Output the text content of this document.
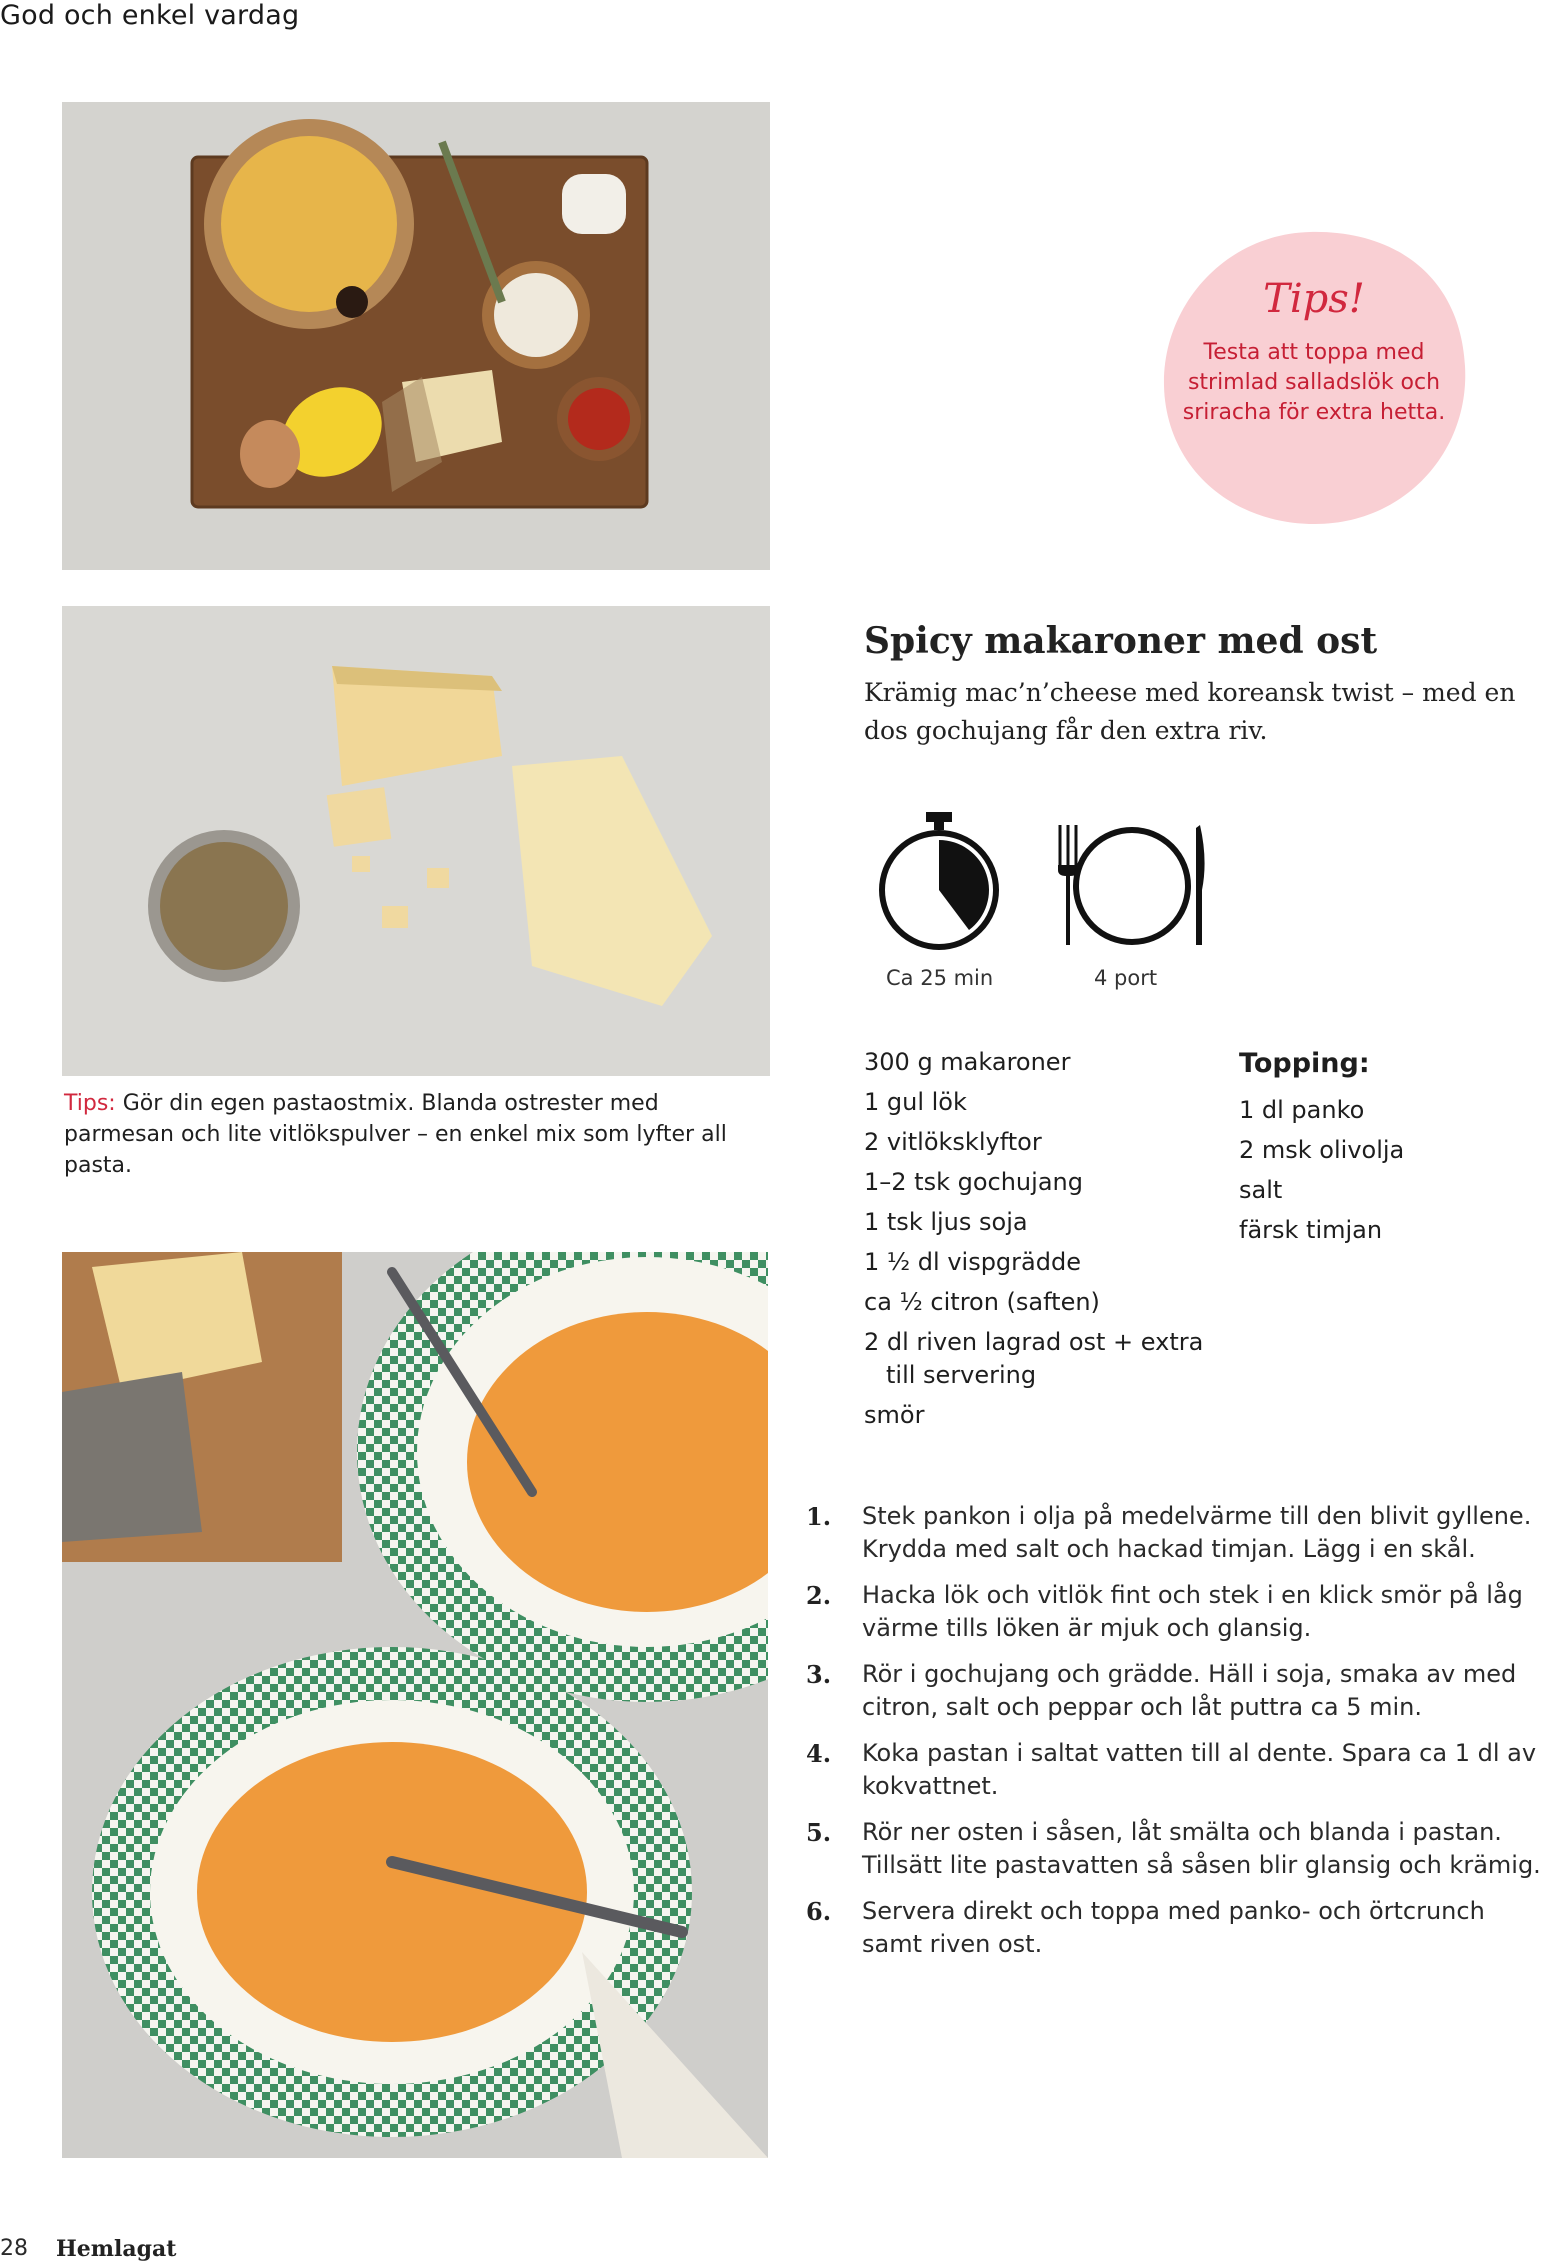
God och enkel vardag
Tips!
Testa att toppa med strimlad salladslök och sriracha för extra hetta.
Tips: Gör din egen pastaostmix. Blanda ostrester med parmesan och lite vitlökspulver – en enkel mix som lyfter all pasta.
Spicy makaroner med ost
Krämig mac’n’cheese med koreansk twist – med en dos gochujang får den extra riv.
Ca 25 min	4 port
300 g makaroner
1 gul lök
2 vitlöksklyftor
1–2 tsk gochujang
1 tsk ljus soja
1 ½ dl vispgrädde
ca ½ citron (saften)
2 dl riven lagrad ost + extra till servering
smör
Topping:
1 dl panko
2 msk olivolja
salt
färsk timjan
1. Stek pankon i olja på medelvärme till den blivit gyllene. Krydda med salt och hackad timjan. Lägg i en skål.
2. Hacka lök och vitlök fint och stek i en klick smör på låg värme tills löken är mjuk och glansig.
3. Rör i gochujang och grädde. Häll i soja, smaka av med citron, salt och peppar och låt puttra ca 5 min.
4. Koka pastan i saltat vatten till al dente. Spara ca 1 dl av kokvattnet.
5. Rör ner osten i såsen, låt smälta och blanda i pastan. Tillsätt lite pastavatten så såsen blir glansig och krämig.
6. Servera direkt och toppa med panko- och örtcrunch samt riven ost.
28 Hemlagat
